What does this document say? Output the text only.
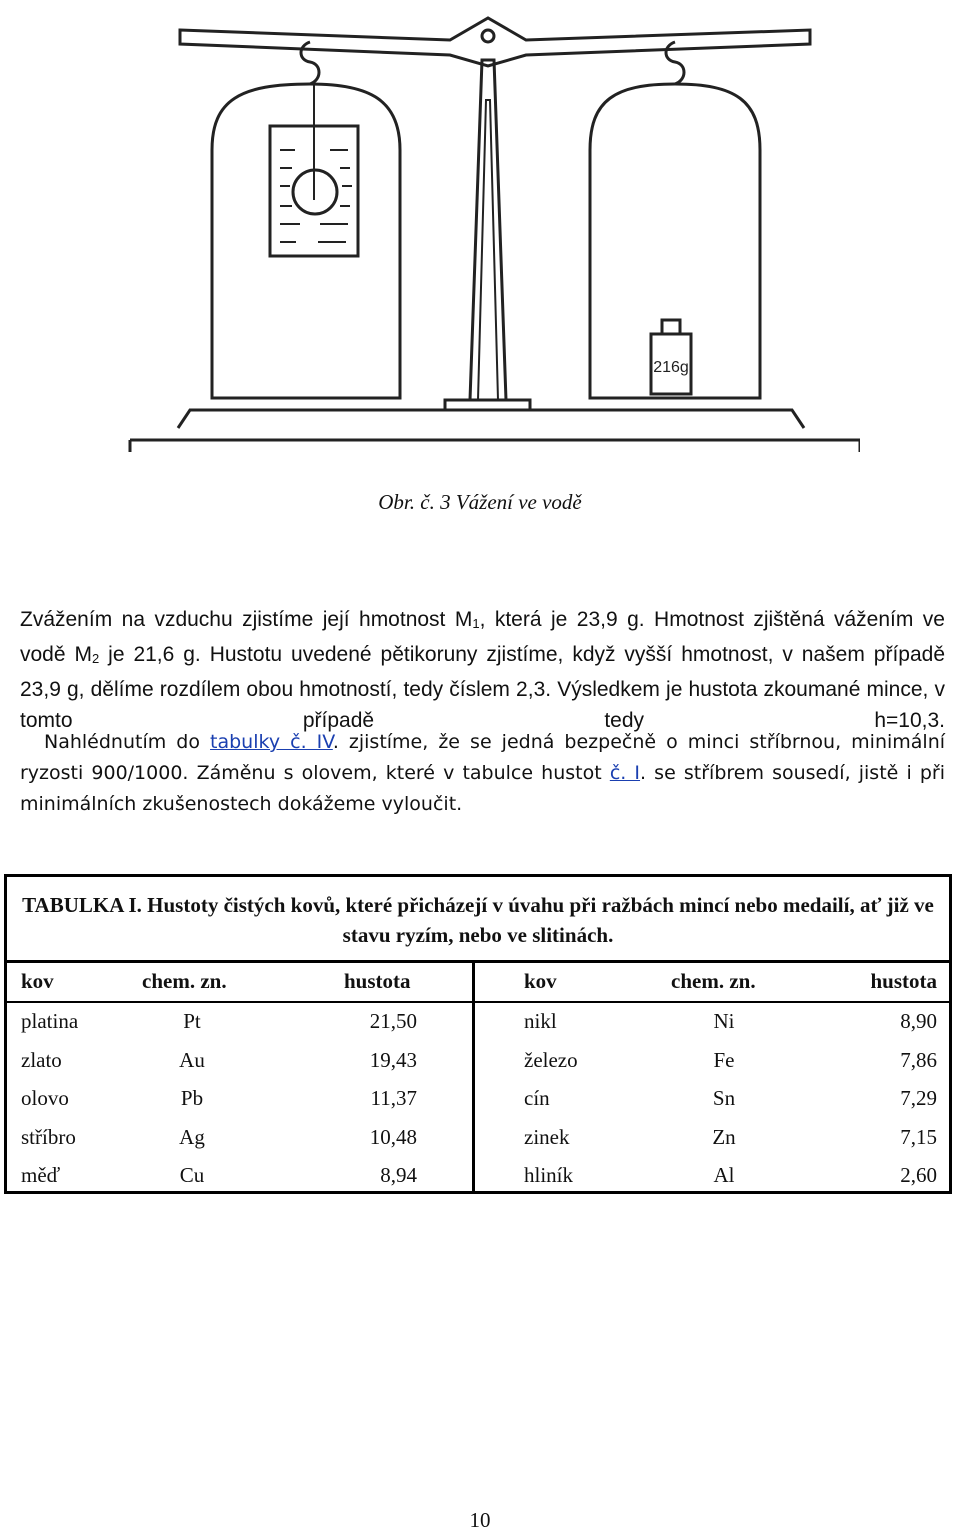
216g
Obr. č. 3 Vážení ve vodě
Zvážením na vzduchu zjistíme její hmotnost $M_1$, která je 23,9 g. Hmotnost zjištěná vážením ve vodě $M_2$ je 21,6 g. Hustotu uvedené pětikoruny zjistíme, když vyšší hmotnost, v našem případě 23,9 g, dělíme rozdílem obou hmotností, tedy číslem 2,3. Výsledkem je hustota zkoumané mince, v tomto případě tedy h=10,3.
Nahlédnutím do tabulky č. IV. zjistíme, že se jedná bezpečně o minci stříbrnou, minimální ryzosti 900/1000. Záměnu s olovem, které v tabulce hustot č. I. se stříbrem sousedí, jistě i při minimálních zkušenostech dokážeme vyloučit.
TABULKA I. Hustoty čistých kovů, které přicházejí v úvahu při ražbách mincí nebo medailí, ať již ve stavu ryzím, nebo ve slitinách.
kov	chem. zn.	hustota	kov	chem. zn.	hustota
platina	Pt	21,50	nikl	Ni	8,90
zlato	Au	19,43	železo	Fe	7,86
olovo	Pb	11,37	cín	Sn	7,29
stříbro	Ag	10,48	zinek	Zn	7,15
měď	Cu	8,94	hliník	Al	2,60
10
